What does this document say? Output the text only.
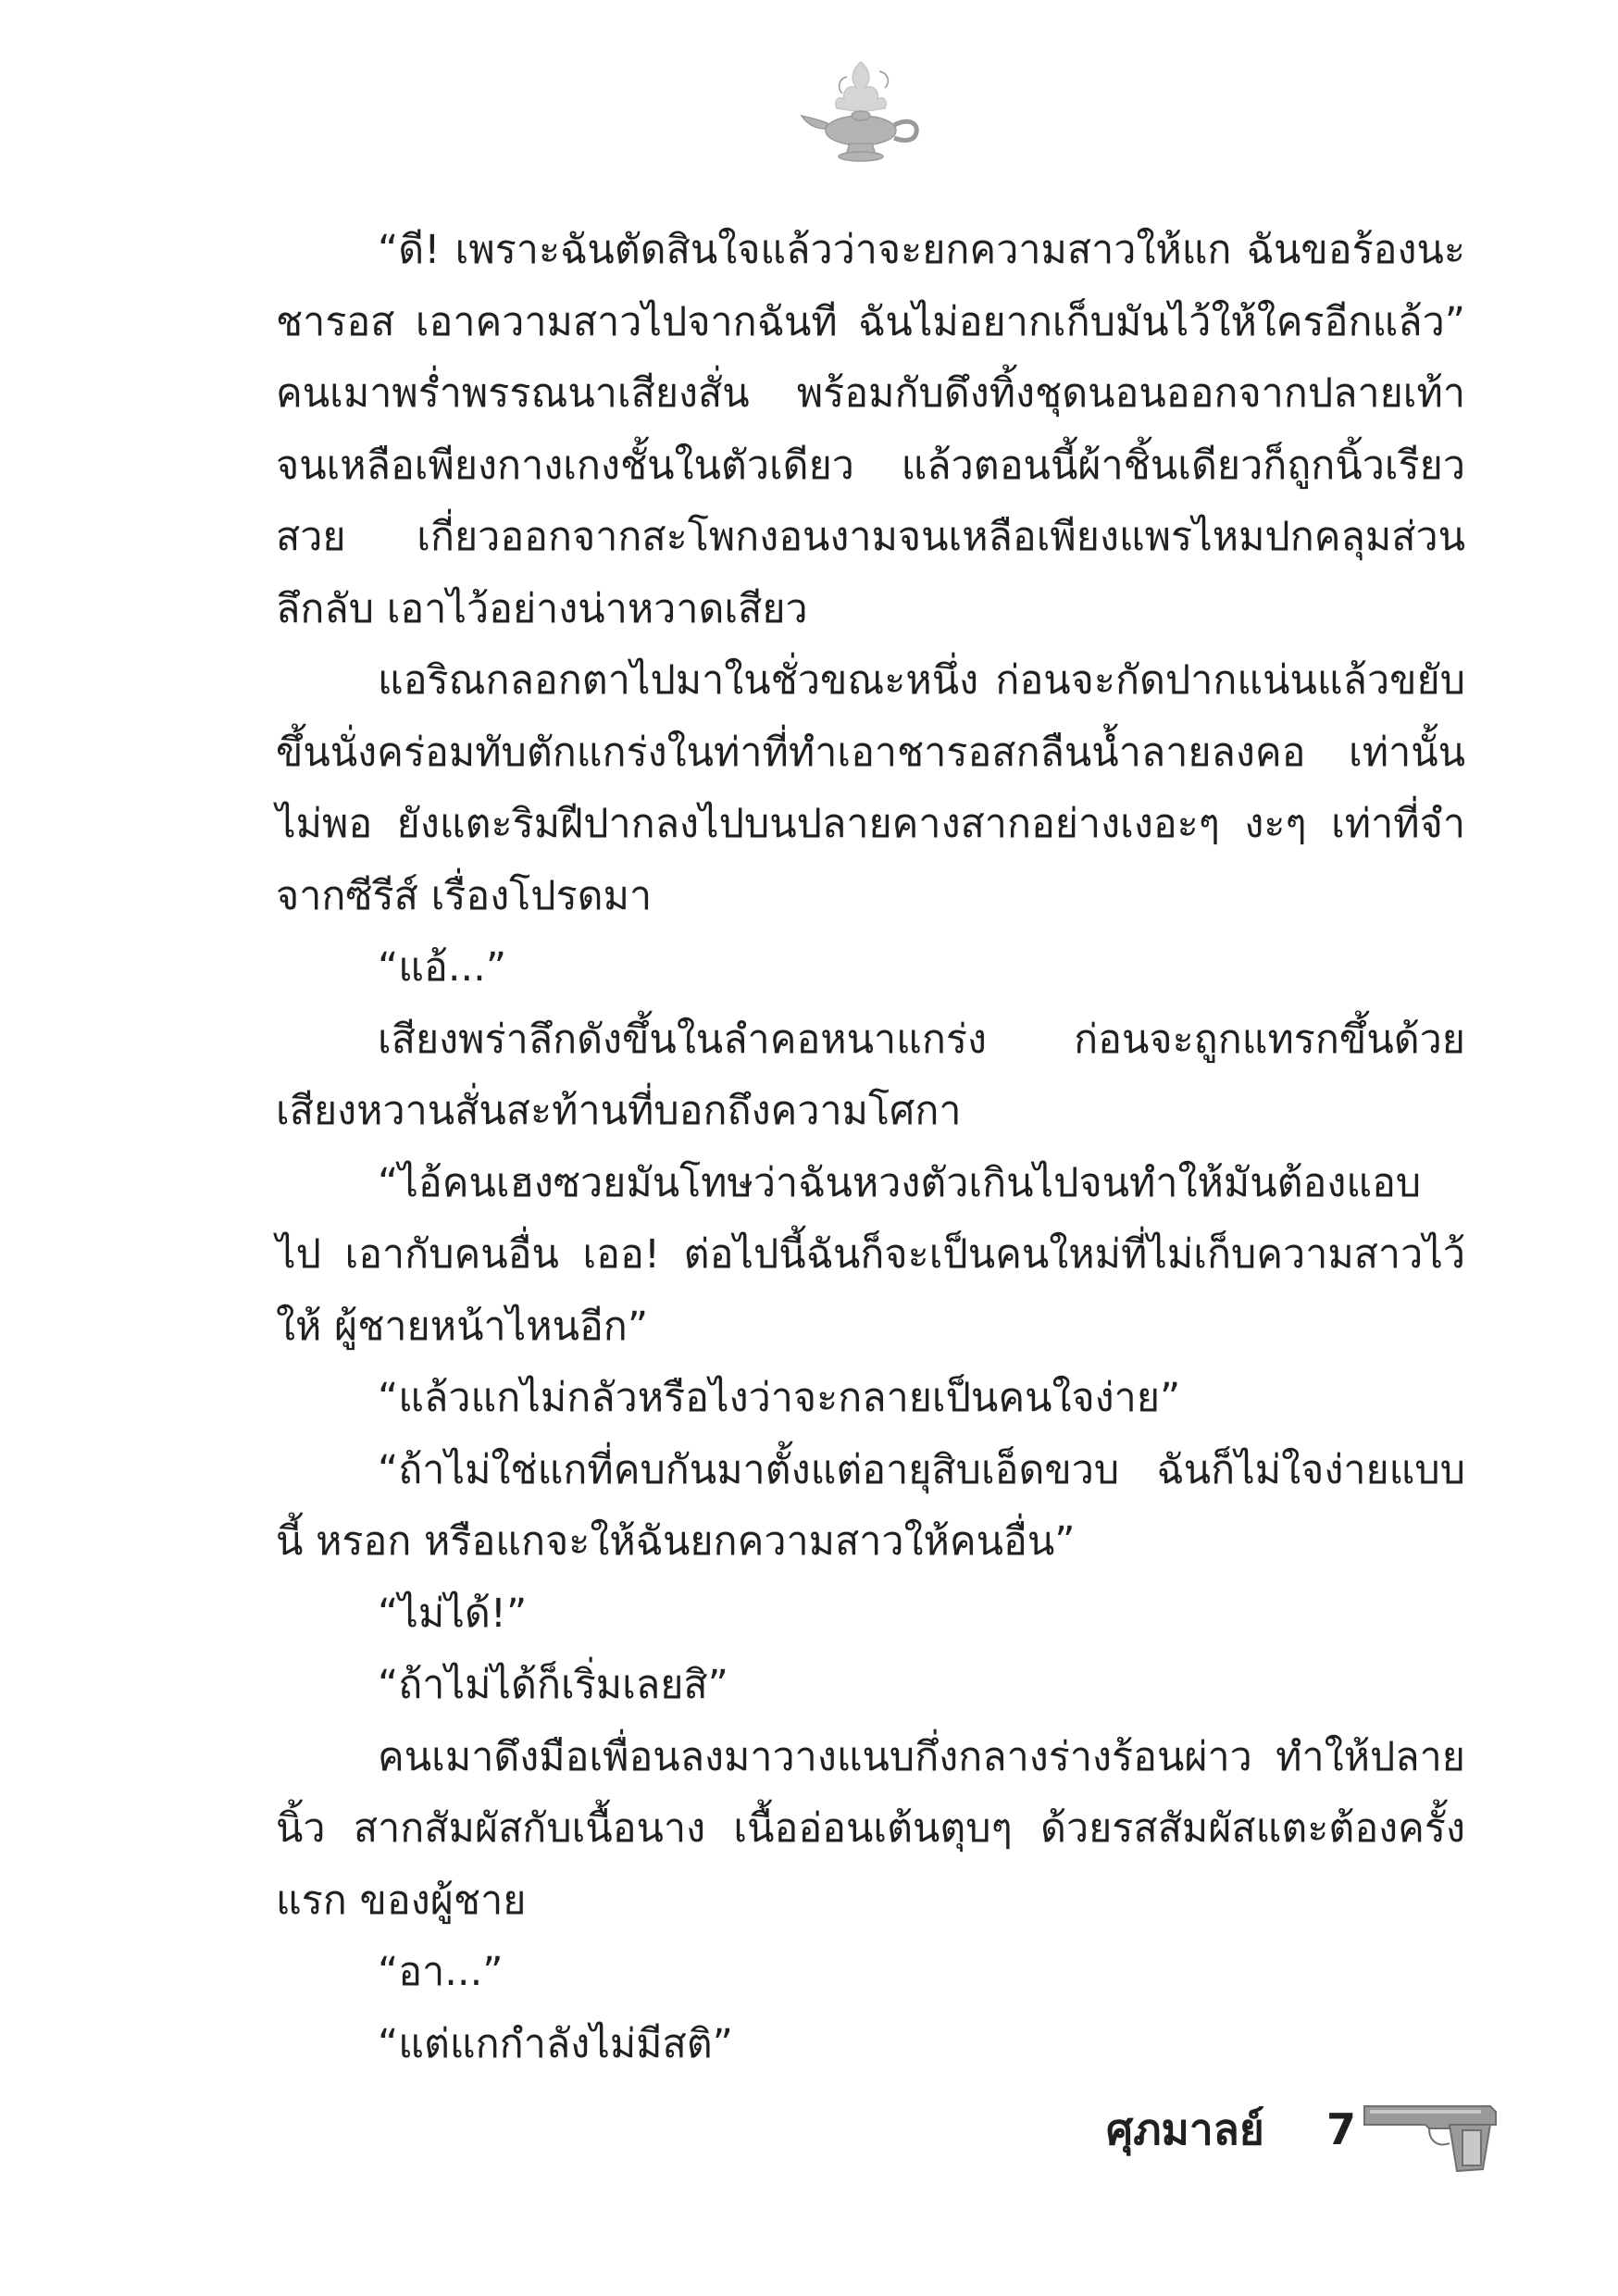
“ดี! เพราะฉันตัดสินใจแล้วว่าจะยกความสาวให้แก ฉันขอร้องนะ ชารอส เอาความสาวไปจากฉันที ฉันไม่อยากเก็บมันไว้ให้ใครอีกแล้ว” คนเมาพร่ำพรรณนาเสียงสั่น พร้อมกับดึงทิ้งชุดนอนออกจากปลายเท้า จนเหลือเพียงกางเกงชั้นในตัวเดียว แล้วตอนนี้ผ้าชิ้นเดียวก็ถูกนิ้วเรียวสวย เกี่ยวออกจากสะโพกงอนงามจนเหลือเพียงแพรไหมปกคลุมส่วนลึกลับ เอาไว้อย่างน่าหวาดเสียว

แอริณกลอกตาไปมาในชั่วขณะหนึ่ง ก่อนจะกัดปากแน่นแล้วขยับ ขึ้นนั่งคร่อมทับตักแกร่งในท่าที่ทำเอาชารอสกลืนน้ำลายลงคอ เท่านั้นไม่พอ ยังแตะริมฝีปากลงไปบนปลายคางสากอย่างเงอะๆ งะๆ เท่าที่จำจากซีรีส์ เรื่องโปรดมา

“แอ้...”

เสียงพร่าลึกดังขึ้นในลำคอหนาแกร่ง ก่อนจะถูกแทรกขึ้นด้วย เสียงหวานสั่นสะท้านที่บอกถึงความโศกา

“ไอ้คนเฮงซวยมันโทษว่าฉันหวงตัวเกินไปจนทำให้มันต้องแอบไป เอากับคนอื่น เออ! ต่อไปนี้ฉันก็จะเป็นคนใหม่ที่ไม่เก็บความสาวไว้ให้ ผู้ชายหน้าไหนอีก”

“แล้วแกไม่กลัวหรือไงว่าจะกลายเป็นคนใจง่าย”

“ถ้าไม่ใช่แกที่คบกันมาตั้งแต่อายุสิบเอ็ดขวบ ฉันก็ไม่ใจง่ายแบบนี้ หรอก หรือแกจะให้ฉันยกความสาวให้คนอื่น”

“ไม่ได้!”

“ถ้าไม่ได้ก็เริ่มเลยสิ”

คนเมาดึงมือเพื่อนลงมาวางแนบกึ่งกลางร่างร้อนผ่าว ทำให้ปลายนิ้ว สากสัมผัสกับเนื้อนาง เนื้ออ่อนเต้นตุบๆ ด้วยรสสัมผัสแตะต้องครั้งแรก ของผู้ชาย

“อา...”

“แต่แกกำลังไม่มีสติ”

ศุภมาลย์ 7
